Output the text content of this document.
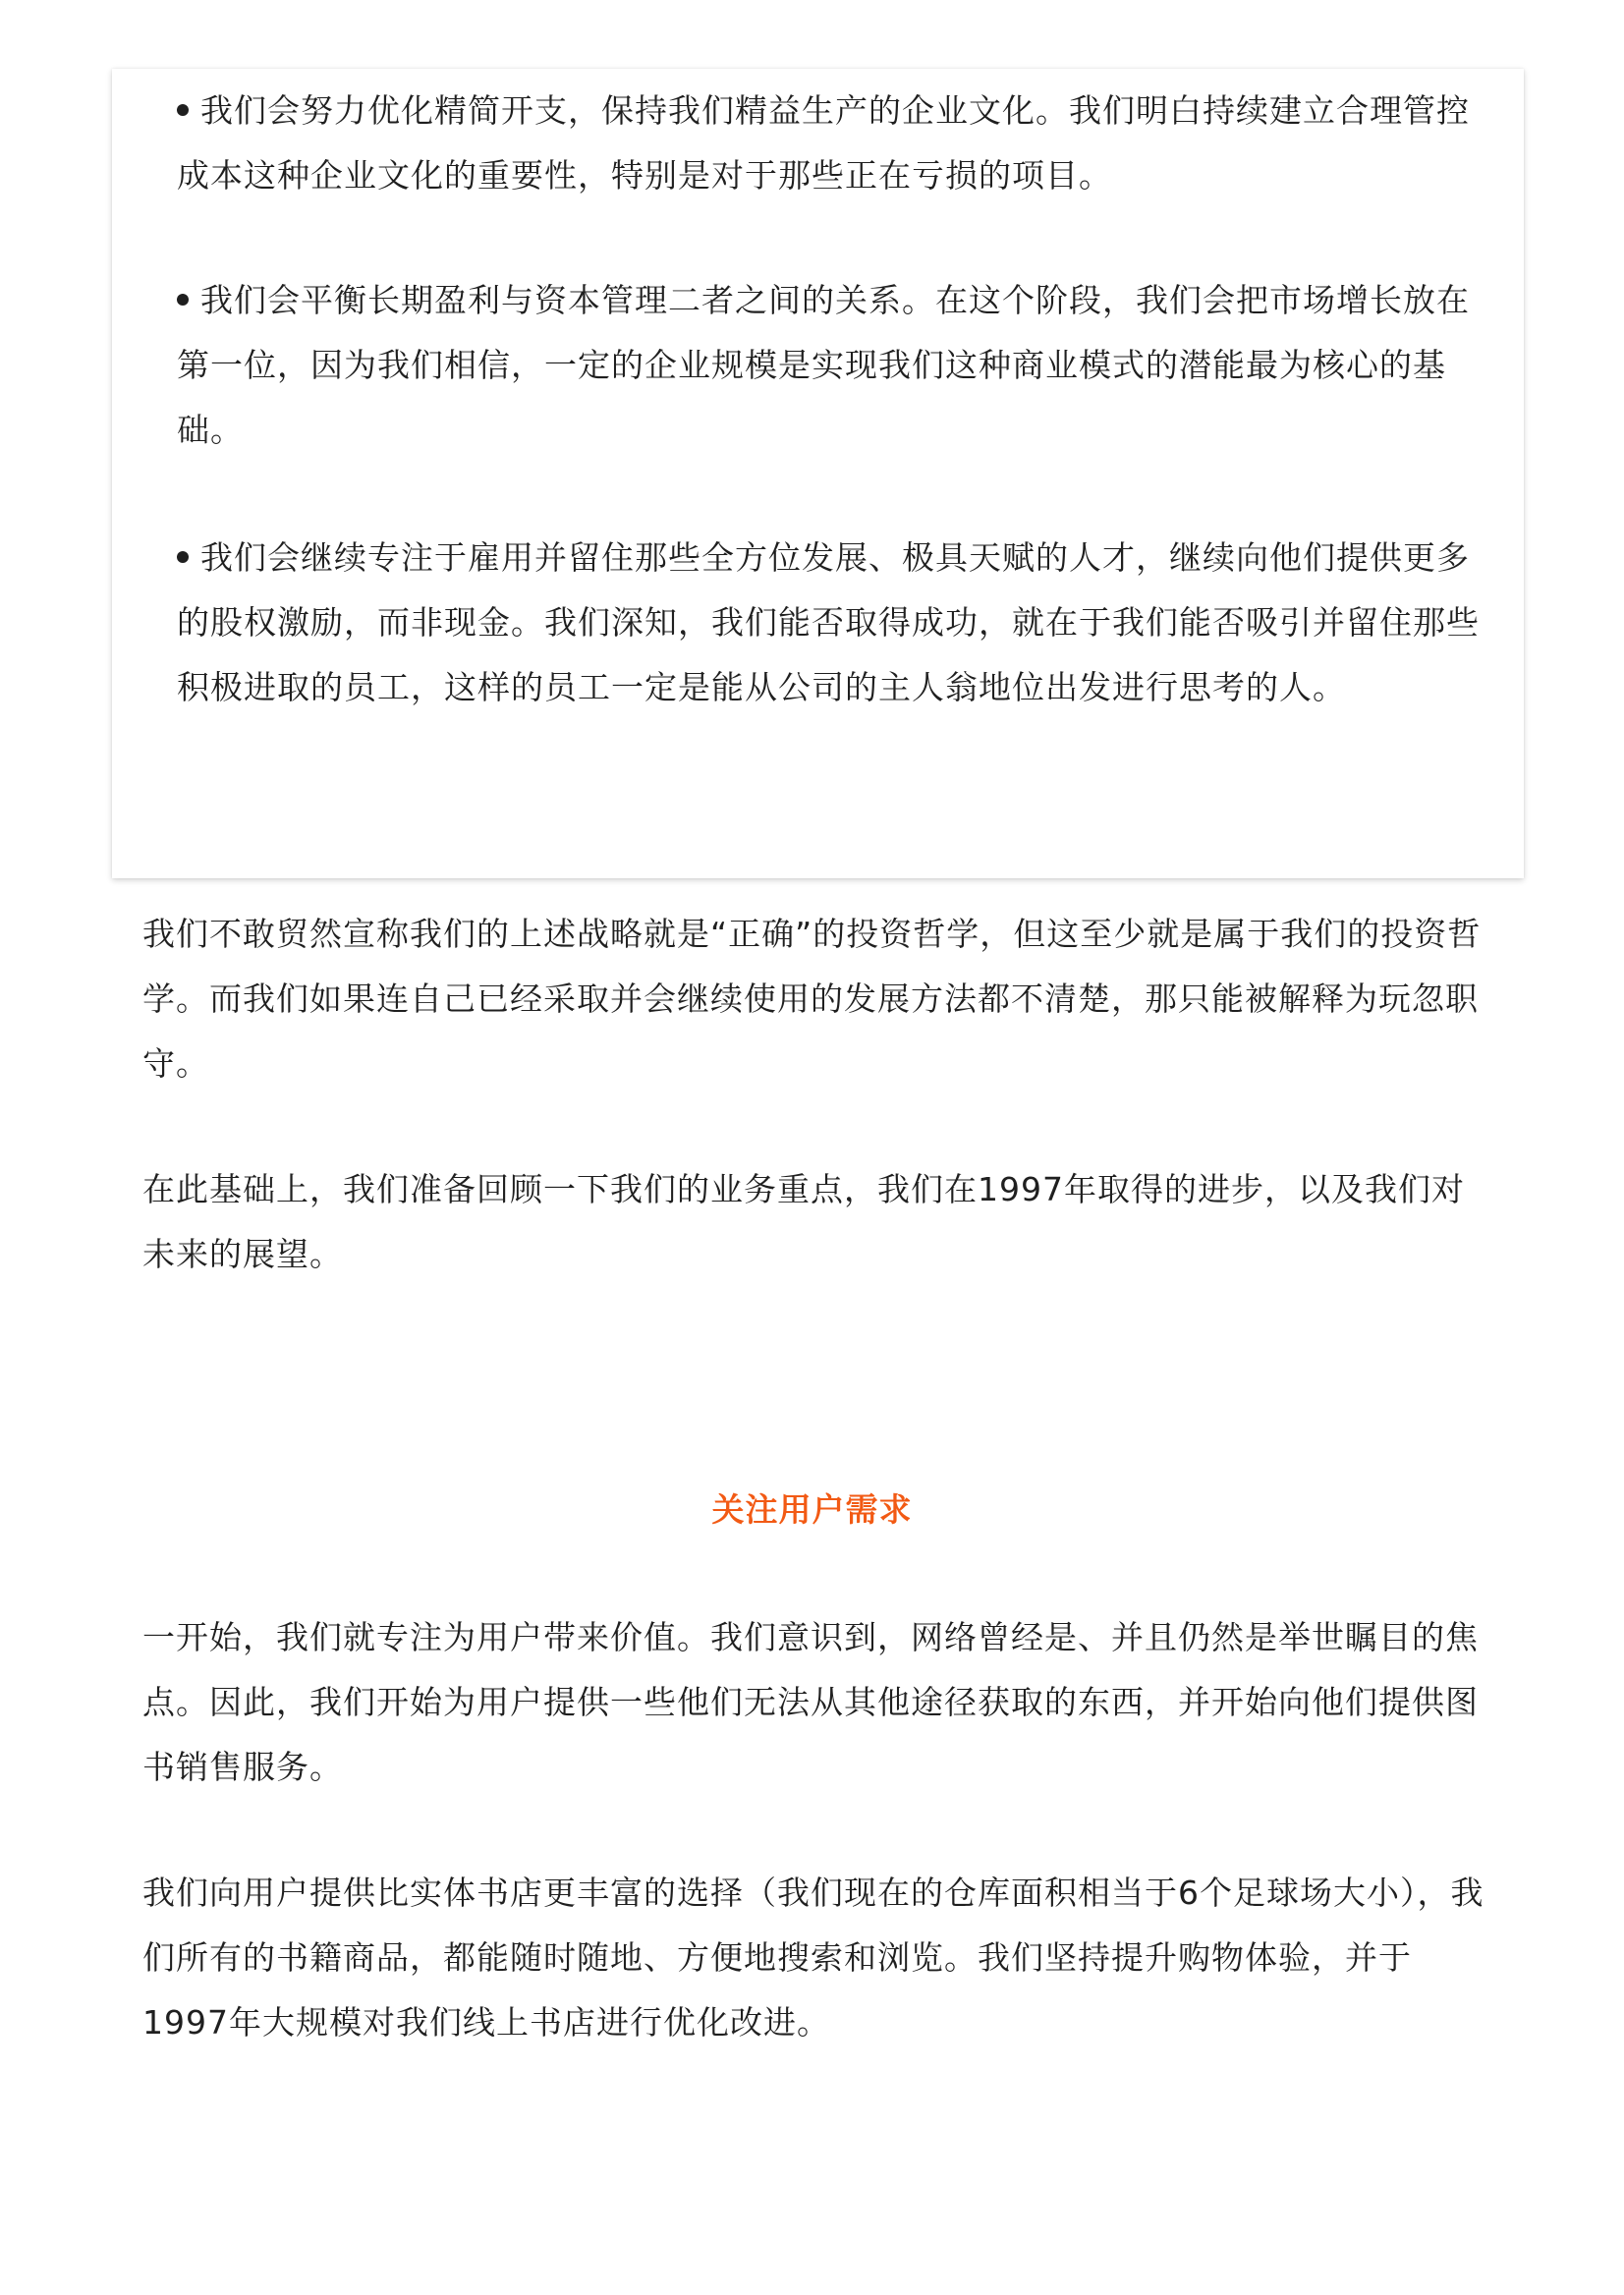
我们会努力优化精简开支，保持我们精益生产的企业文化。我们明白持续建立合理管控成本这种企业文化的重要性，特别是对于那些正在亏损的项目。

我们会平衡长期盈利与资本管理二者之间的关系。在这个阶段，我们会把市场增长放在第一位，因为我们相信，一定的企业规模是实现我们这种商业模式的潜能最为核心的基础。

我们会继续专注于雇用并留住那些全方位发展、极具天赋的人才，继续向他们提供更多的股权激励，而非现金。我们深知，我们能否取得成功，就在于我们能否吸引并留住那些积极进取的员工，这样的员工一定是能从公司的主人翁地位出发进行思考的人。

我们不敢贸然宣称我们的上述战略就是“正确”的投资哲学，但这至少就是属于我们的投资哲学。而我们如果连自己已经采取并会继续使用的发展方法都不清楚，那只能被解释为玩忽职守。

在此基础上，我们准备回顾一下我们的业务重点，我们在1997年取得的进步，以及我们对未来的展望。

关注用户需求

一开始，我们就专注为用户带来价值。我们意识到，网络曾经是、并且仍然是举世瞩目的焦点。因此，我们开始为用户提供一些他们无法从其他途径获取的东西，并开始向他们提供图书销售服务。

我们向用户提供比实体书店更丰富的选择（我们现在的仓库面积相当于6个足球场大小），我们所有的书籍商品，都能随时随地、方便地搜索和浏览。我们坚持提升购物体验，并于1997年大规模对我们线上书店进行优化改进。
